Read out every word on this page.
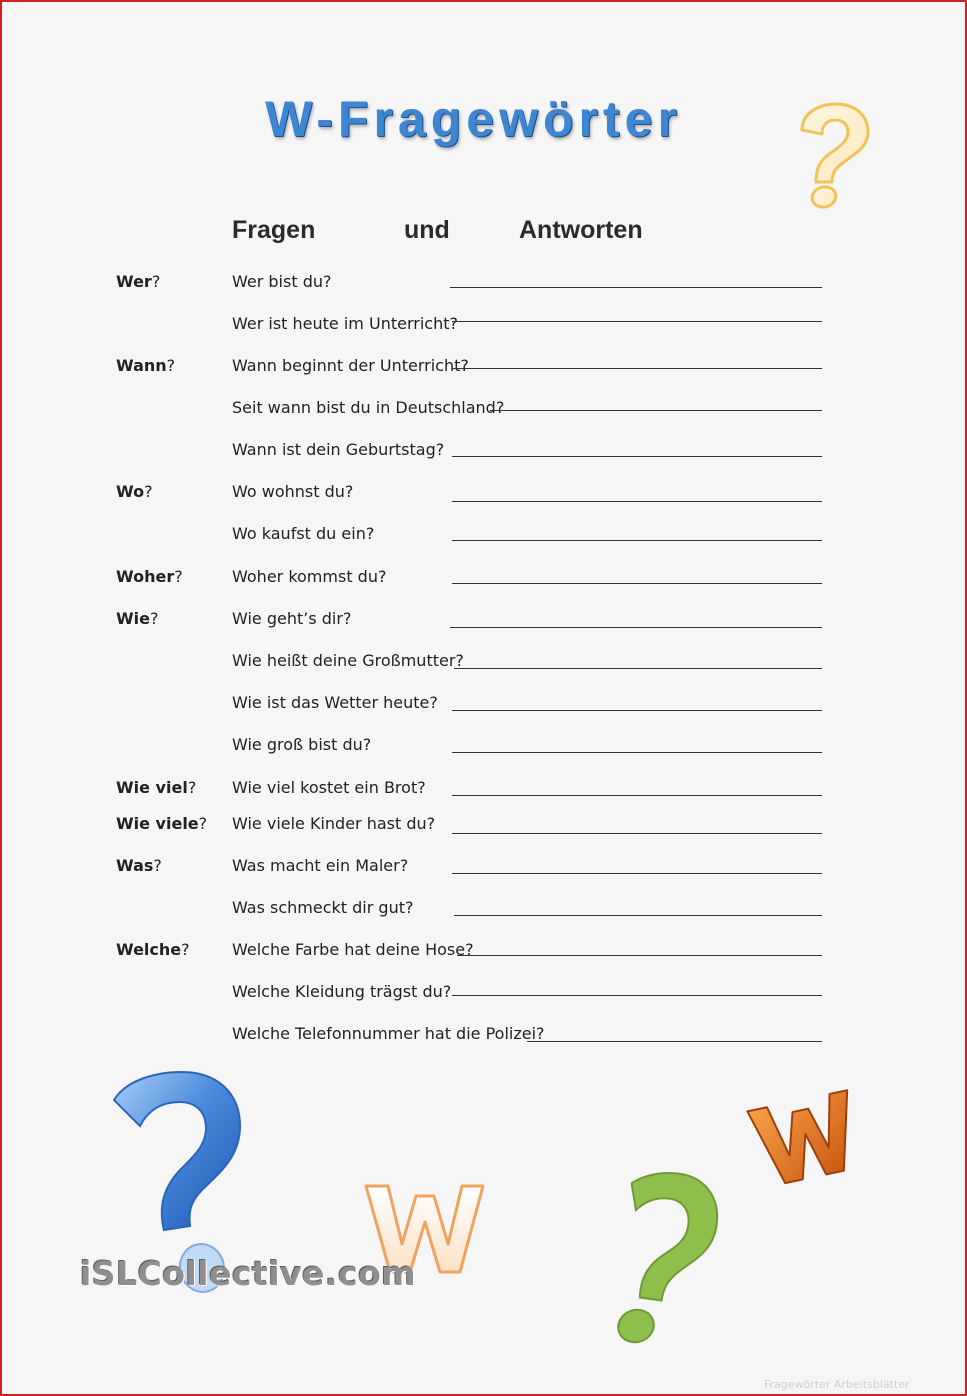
W-Fragewörter
Fragen	und	Antworten
Wer?	Wer bist du?
Wer ist heute im Unterricht?
Wann?	Wann beginnt der Unterricht?
Seit wann bist du in Deutschland?
Wann ist dein Geburtstag?
Wo?	Wo wohnst du?
Wo kaufst du ein?
Woher?	Woher kommst du?
Wie?	Wie geht’s dir?
Wie heißt deine Großmutter?
Wie ist das Wetter heute?
Wie groß bist du?
Wie viel? Wie viel kostet ein Brot?
Wie viele? Wie viele Kinder hast du?
Was?	Was macht ein Maler?
Was schmeckt dir gut?
Welche?	Welche Farbe hat deine Hose?
Welche Kleidung trägst du?
Welche Telefonnummer hat die Polizei?
iSLCollective.com
Fragewörter Arbeitsblätter
